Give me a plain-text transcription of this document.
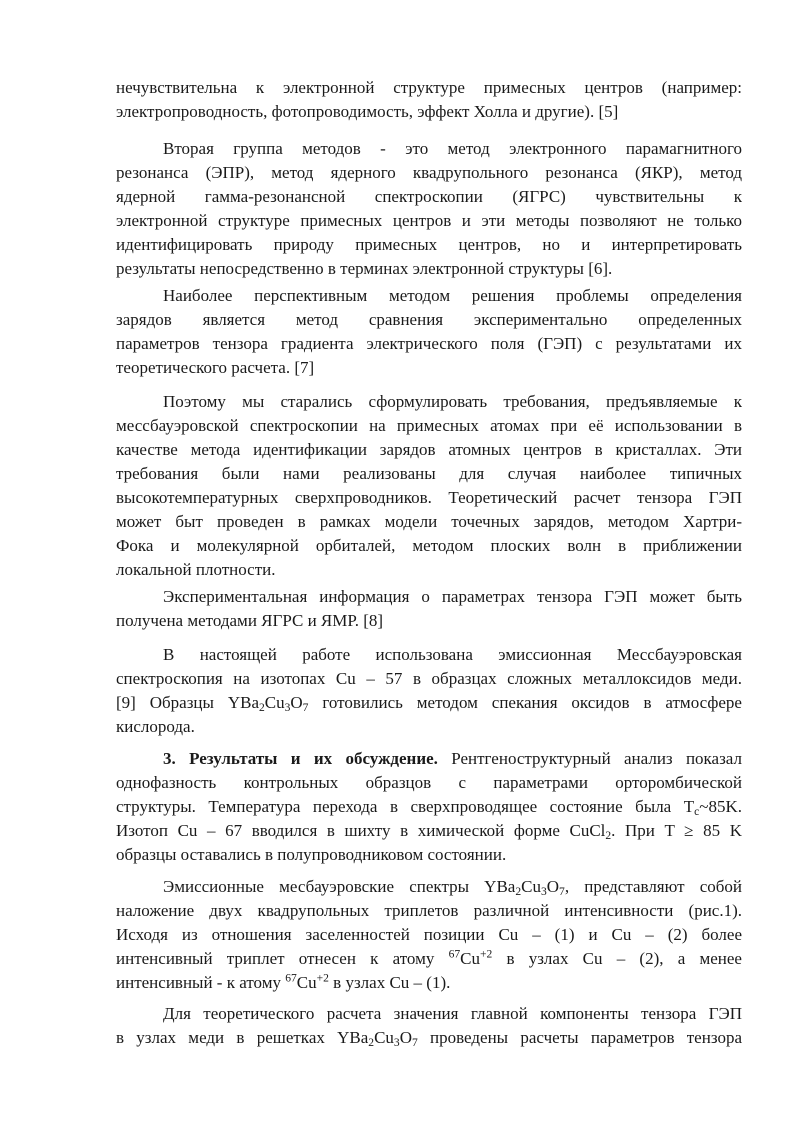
нечувствительна к электронной структуре примесных центров (например:
электропроводность, фотопроводимость, эффект Холла и другие). [5]
Вторая группа методов - это метод электронного парамагнитного
резонанса (ЭПР), метод ядерного квадрупольного резонанса (ЯКР), метод
ядерной гамма-резонансной спектроскопии (ЯГРС) чувствительны к
электронной структуре примесных центров и эти методы позволяют не только
идентифицировать природу примесных центров, но и интерпретировать
результаты непосредственно в терминах электронной структуры [6].
Наиболее перспективным методом решения проблемы определения
зарядов является метод сравнения экспериментально определенных
параметров тензора градиента электрического поля (ГЭП) с результатами их
теоретического расчета. [7]
Поэтому мы старались сформулировать требования, предъявляемые к
мессбауэровской спектроскопии на примесных атомах при её использовании в
качестве метода идентификации зарядов атомных центров в кристаллах. Эти
требования были нами реализованы для случая наиболее типичных
высокотемпературных сверхпроводников. Теоретический расчет тензора ГЭП
может быт проведен в рамках модели точечных зарядов, методом Хартри-
Фока и молекулярной орбиталей, методом плоских волн в приближении
локальной плотности.
Экспериментальная информация о параметрах тензора ГЭП может быть
получена методами ЯГРС и ЯМР. [8]
В настоящей работе использована эмиссионная Мессбауэровская
спектроскопия на изотопах Cu – 57 в образцах сложных металлоксидов меди.
[9] Образцы $YBa_2Cu_3O_7$ готовились методом спекания оксидов в атмосфере
кислорода.
3. Результаты и их обсуждение. Рентгеноструктурный анализ показал
однофазность контрольных образцов с параметрами орторомбической
структуры. Температура перехода в сверхпроводящее состояние была $T_c\sim 85K$.
Изотоп Cu – 67 вводился в шихту в химической форме CuCl$_2$. При T ≥ 85 K
образцы оставались в полупроводниковом состоянии.
Эмиссионные месбауэровские спектры $YBa_2Cu_3O_7$, представляют собой
наложение двух квадрупольных триплетов различной интенсивности (рис.1).
Исходя из отношения заселенностей позиции Cu – (1) и Cu – (2) более
интенсивный триплет отнесен к атому $^{67}Cu^{+2}$ в узлах Cu – (2), а менее
интенсивный - к атому $^{67}Cu^{+2}$ в узлах Cu – (1).
Для теоретического расчета значения главной компоненты тензора ГЭП
в узлах меди в решетках $YBa_2Cu_3O_7$ проведены расчеты параметров тензора
